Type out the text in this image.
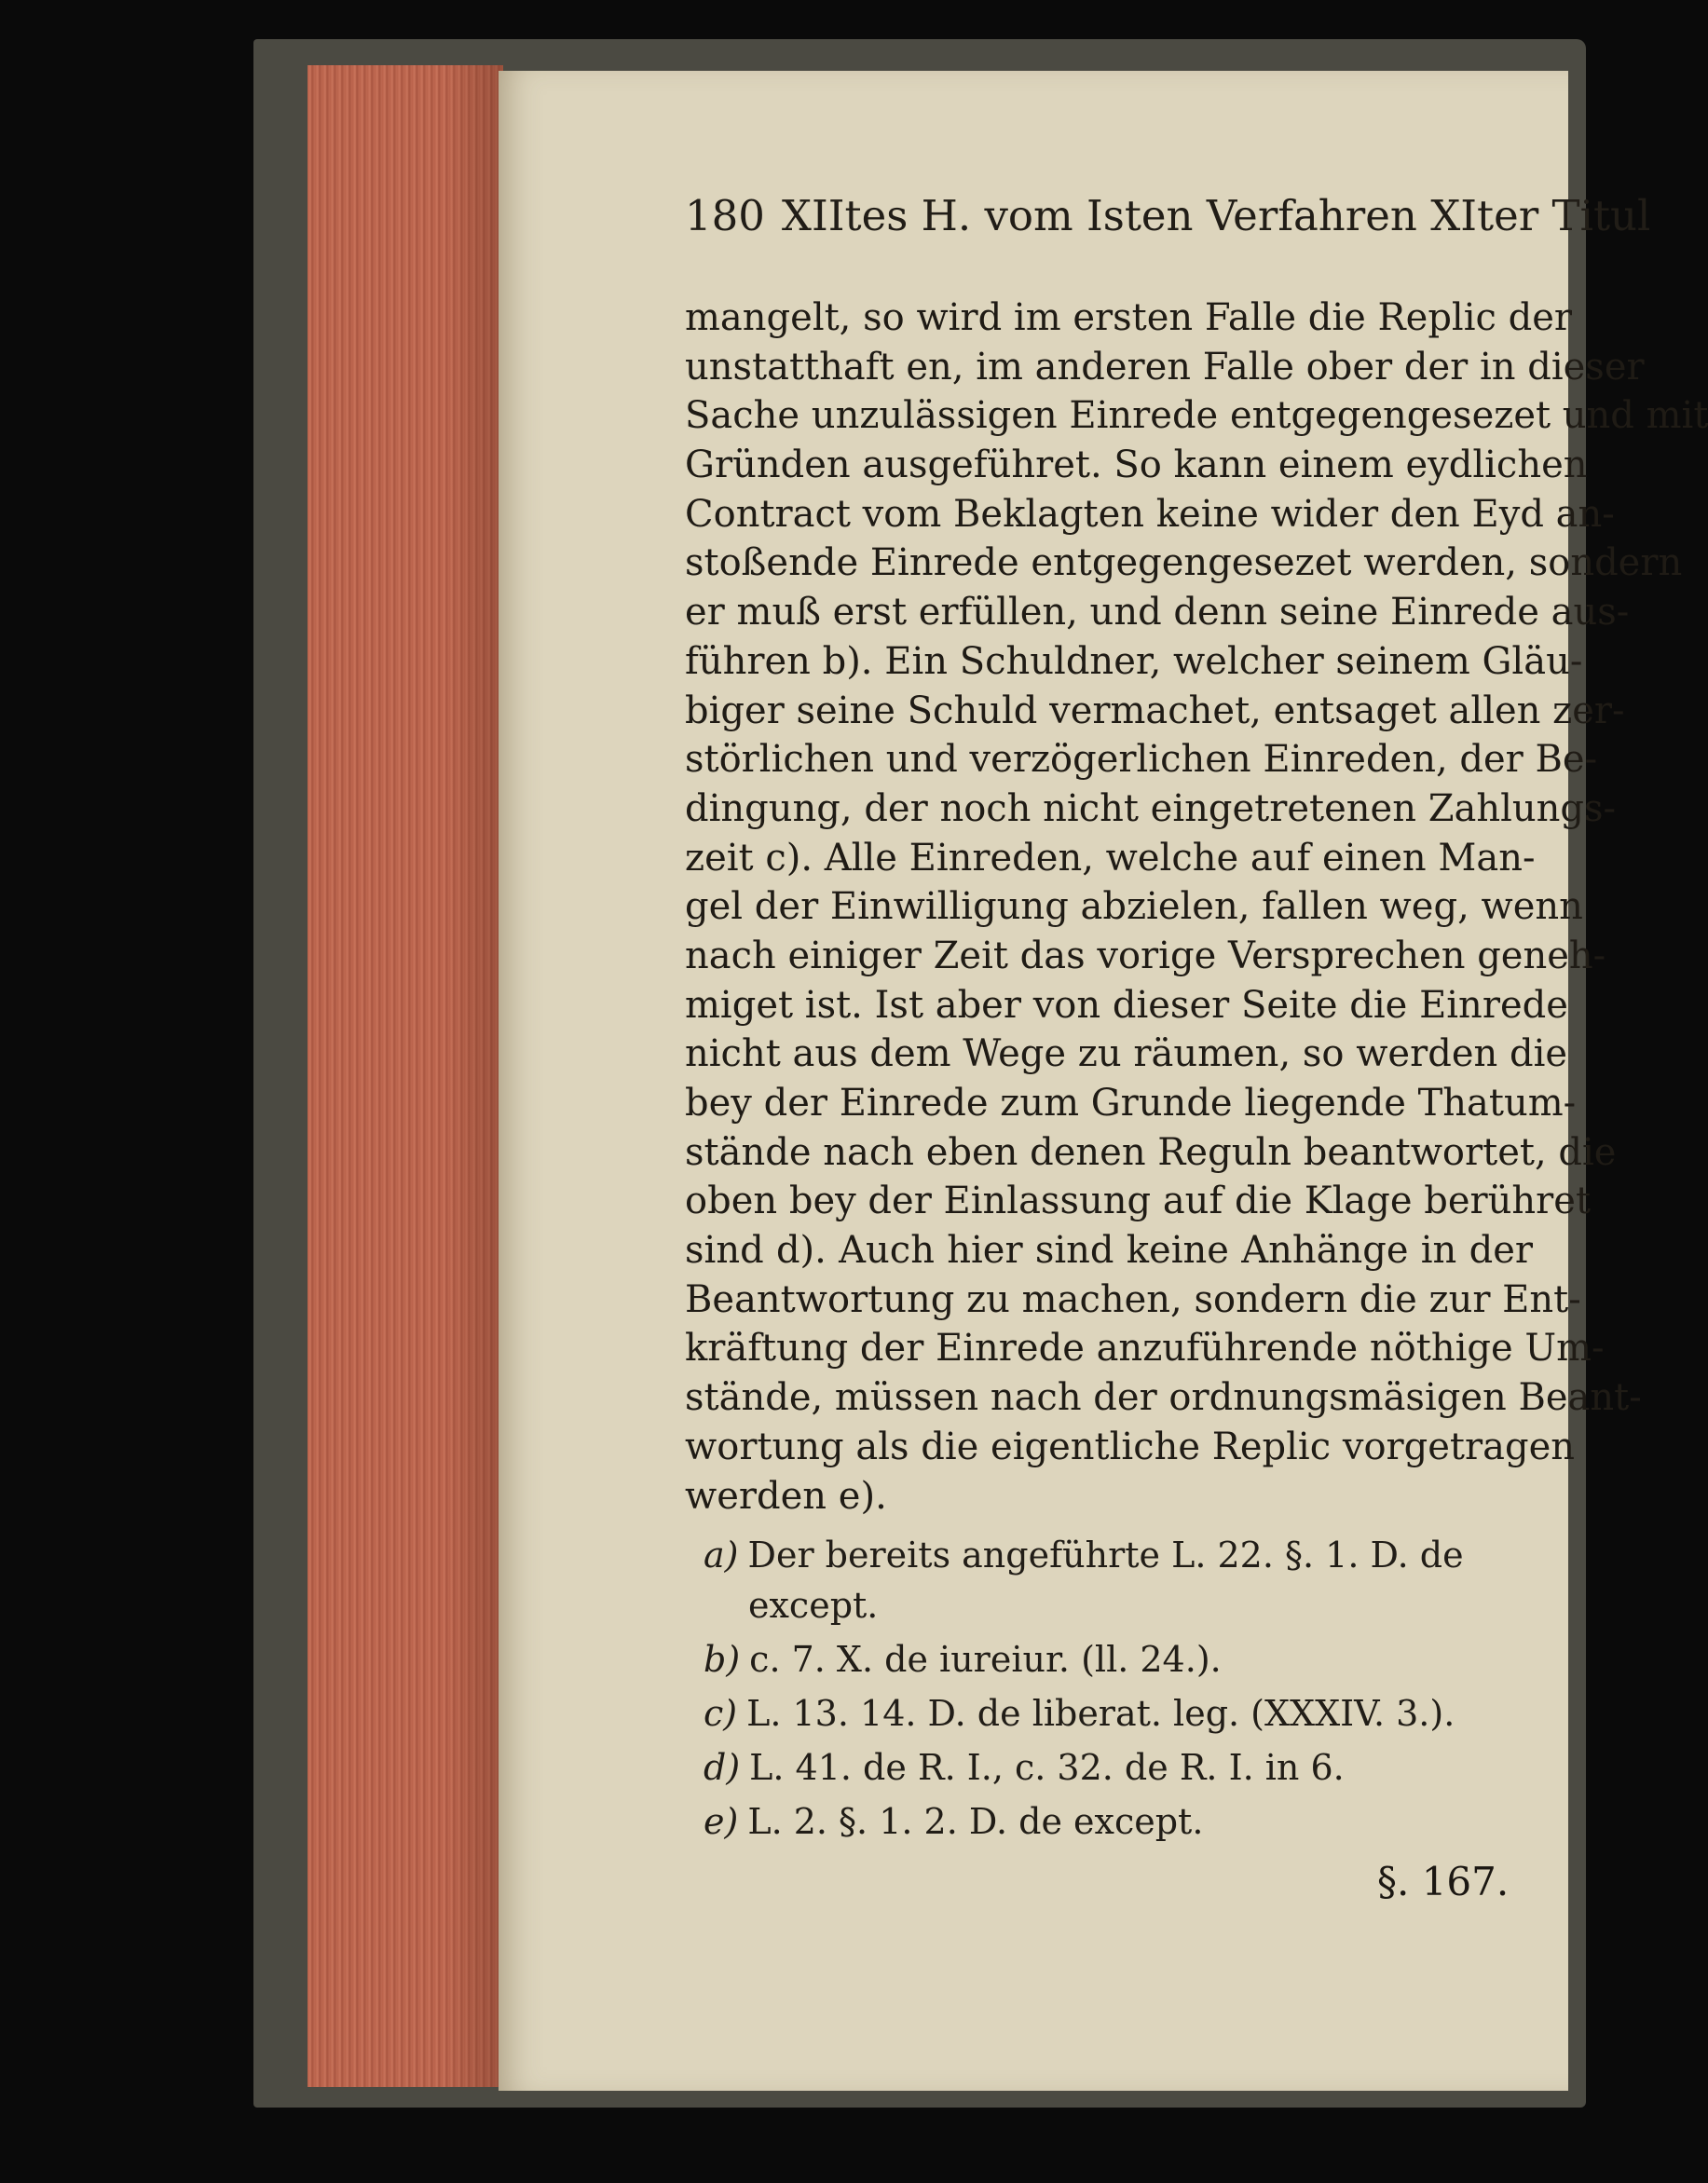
180 XIItes H. vom Isten Verfahren XIter Titul
mangelt, so wird im ersten Falle die Replic der
unstatthaft en, im anderen Falle ober der in dieser
Sache unzulässigen Einrede entgegengesezet und mit
Gründen ausgeführet. So kann einem eydlichen
Contract vom Beklagten keine wider den Eyd an-
stoßende Einrede entgegengesezet werden, sondern
er muß erst erfüllen, und denn seine Einrede aus-
führen b). Ein Schuldner, welcher seinem Gläu-
biger seine Schuld vermachet, entsaget allen zer-
störlichen und verzögerlichen Einreden, der Be-
dingung, der noch nicht eingetretenen Zahlungs-
zeit c). Alle Einreden, welche auf einen Man-
gel der Einwilligung abzielen, fallen weg, wenn
nach einiger Zeit das vorige Versprechen geneh-
miget ist. Ist aber von dieser Seite die Einrede
nicht aus dem Wege zu räumen, so werden die
bey der Einrede zum Grunde liegende Thatum-
stände nach eben denen Reguln beantwortet, die
oben bey der Einlassung auf die Klage berühret
sind d). Auch hier sind keine Anhänge in der
Beantwortung zu machen, sondern die zur Ent-
kräftung der Einrede anzuführende nöthige Um-
stände, müssen nach der ordnungsmäsigen Beant-
wortung als die eigentliche Replic vorgetragen
werden e).
a) Der bereits angeführte L. 22. §. 1. D. de
except.
b) c. 7. X. de iureiur. (ll. 24.).
c) L. 13. 14. D. de liberat. leg. (XXXIV. 3.).
d) L. 41. de R. I., c. 32. de R. I. in 6.
e) L. 2. §. 1. 2. D. de except.
§. 167.
